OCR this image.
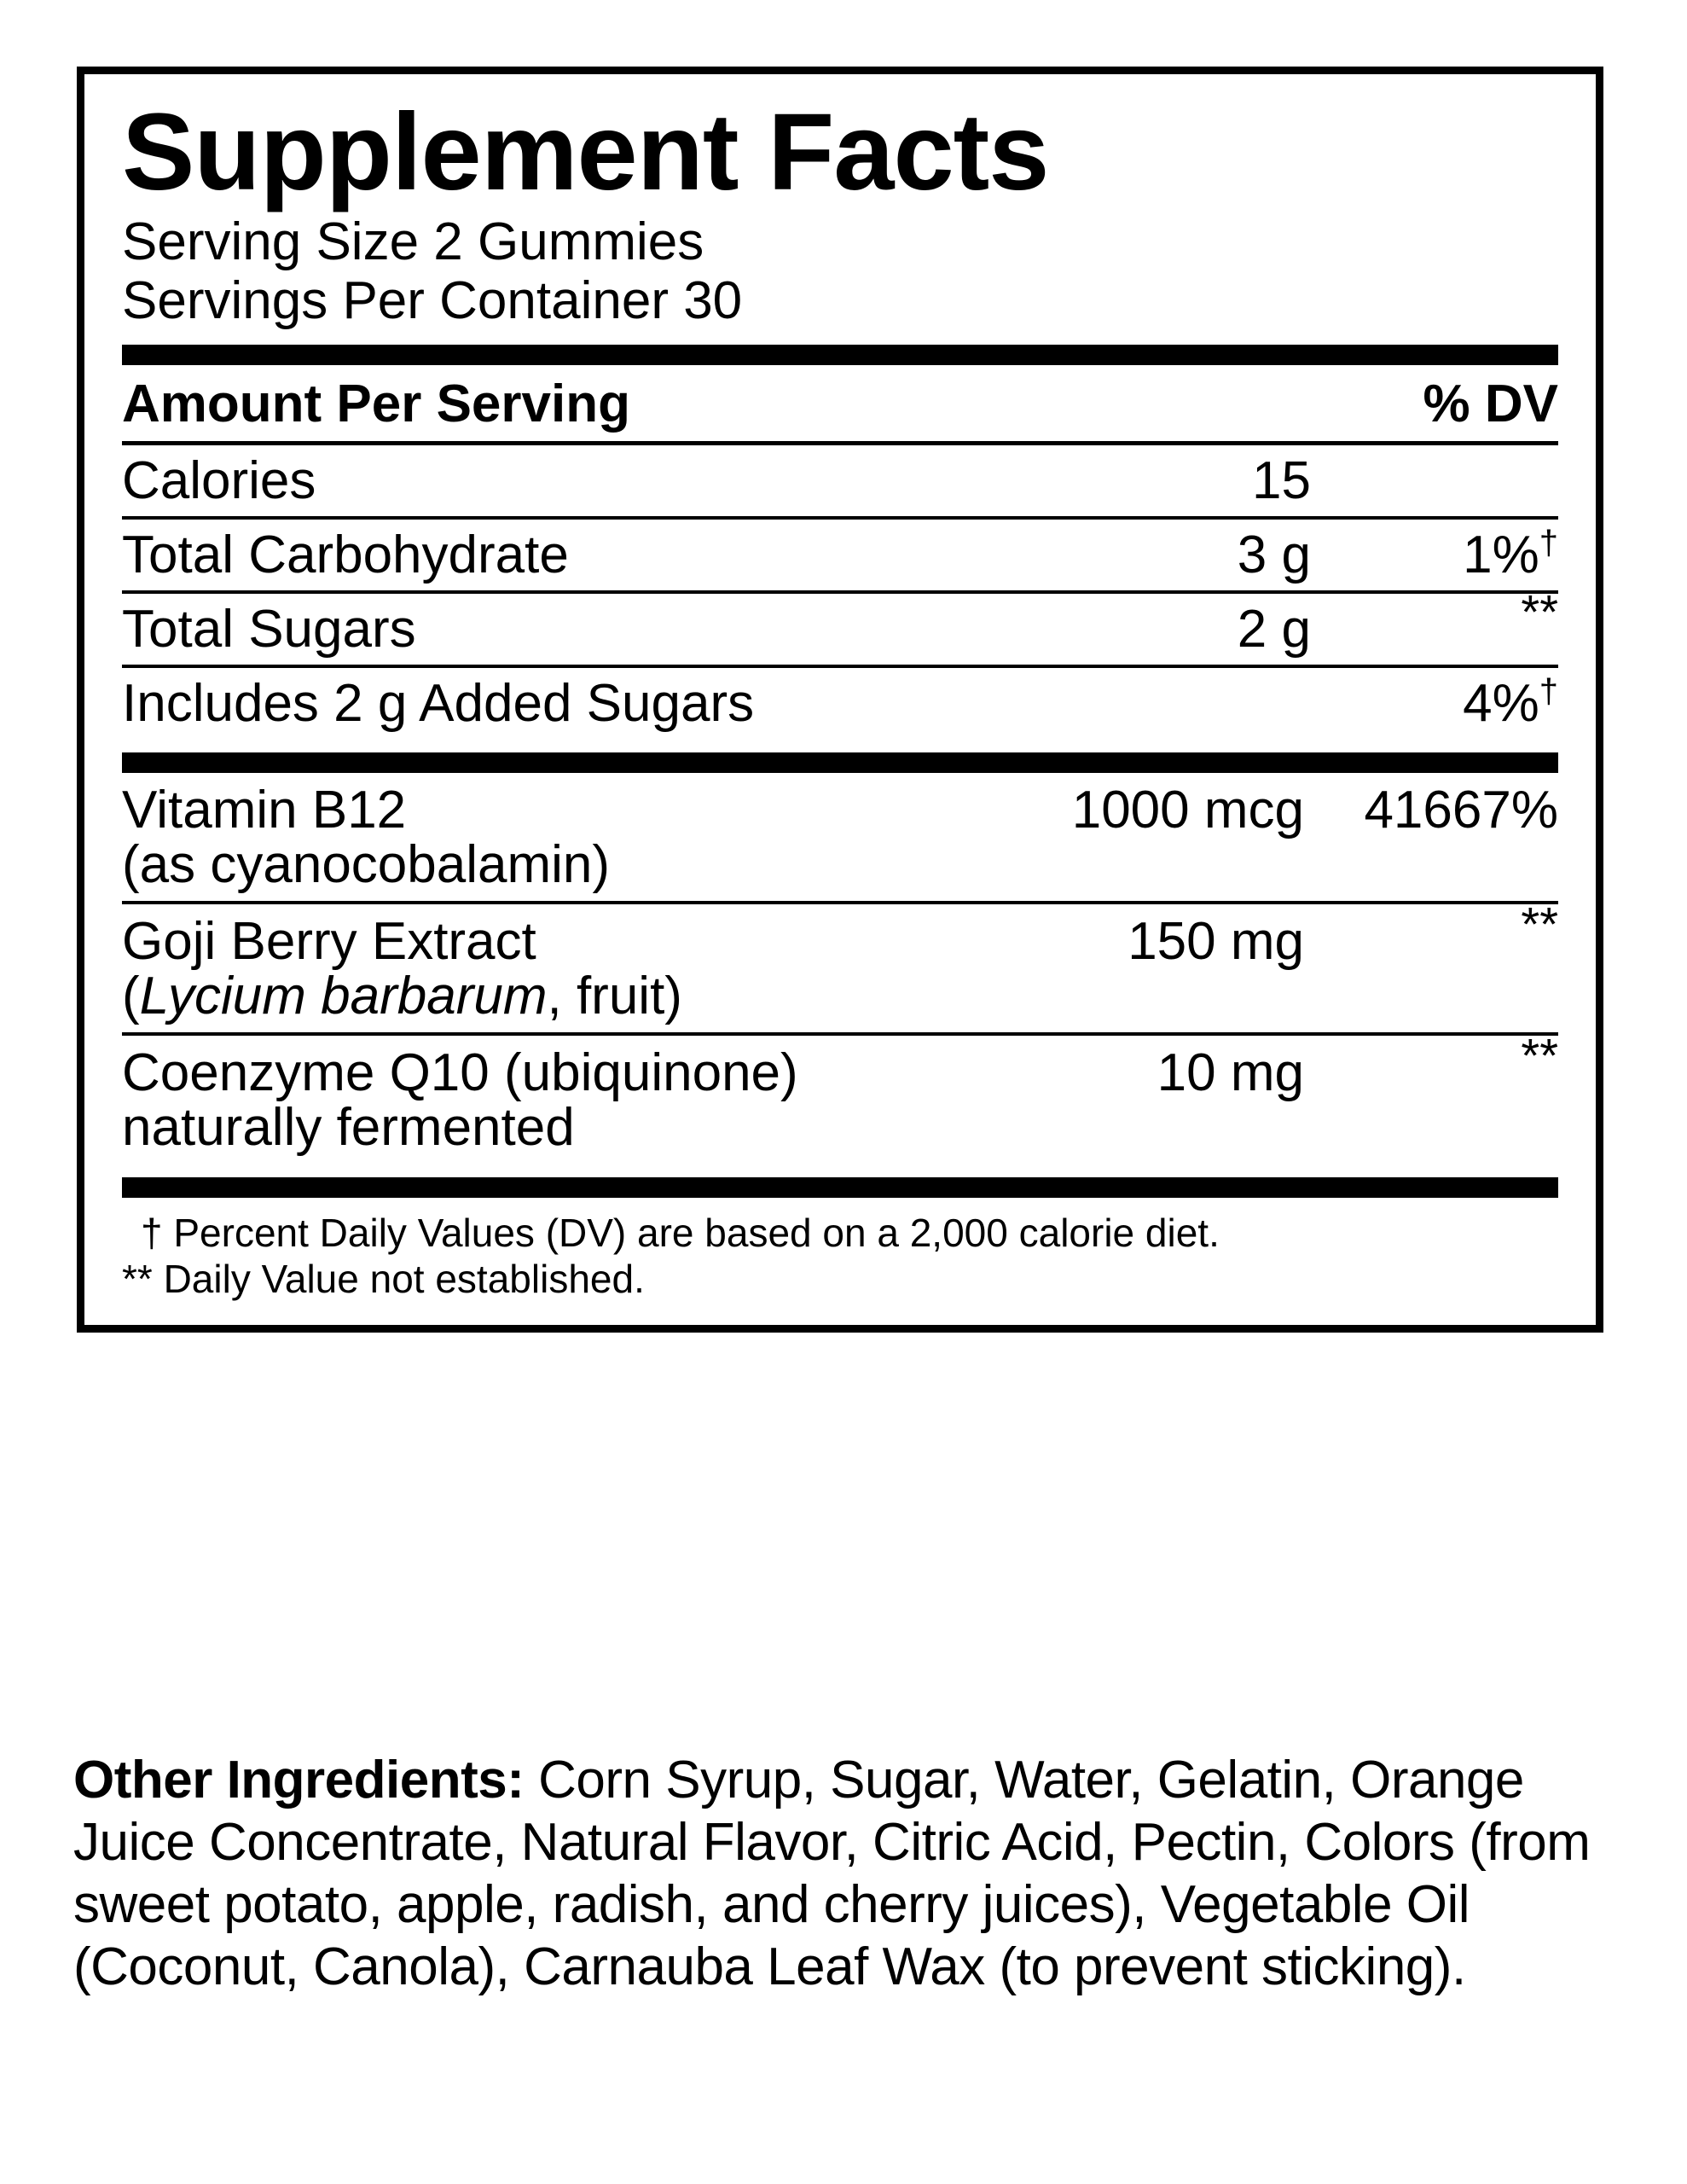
Supplement Facts
Serving Size 2 Gummies
Servings Per Container 30
Amount Per Serving	% DV
Calories	15	
Total Carbohydrate	3 g	1%†
Total Sugars	2 g	**
Includes 2 g Added Sugars		4%†
Vitamin B12	1000 mcg	41667%
(as cyanocobalamin)
Goji Berry Extract	150 mg	**
(Lycium barbarum, fruit)
Coenzyme Q10 (ubiquinone)	10 mg	**
naturally fermented
† Percent Daily Values (DV) are based on a 2,000 calorie diet.
** Daily Value not established.
Other Ingredients: Corn Syrup, Sugar, Water, Gelatin, Orange Juice Concentrate, Natural Flavor, Citric Acid, Pectin, Colors (from sweet potato, apple, radish, and cherry juices), Vegetable Oil (Coconut, Canola), Carnauba Leaf Wax (to prevent sticking).
